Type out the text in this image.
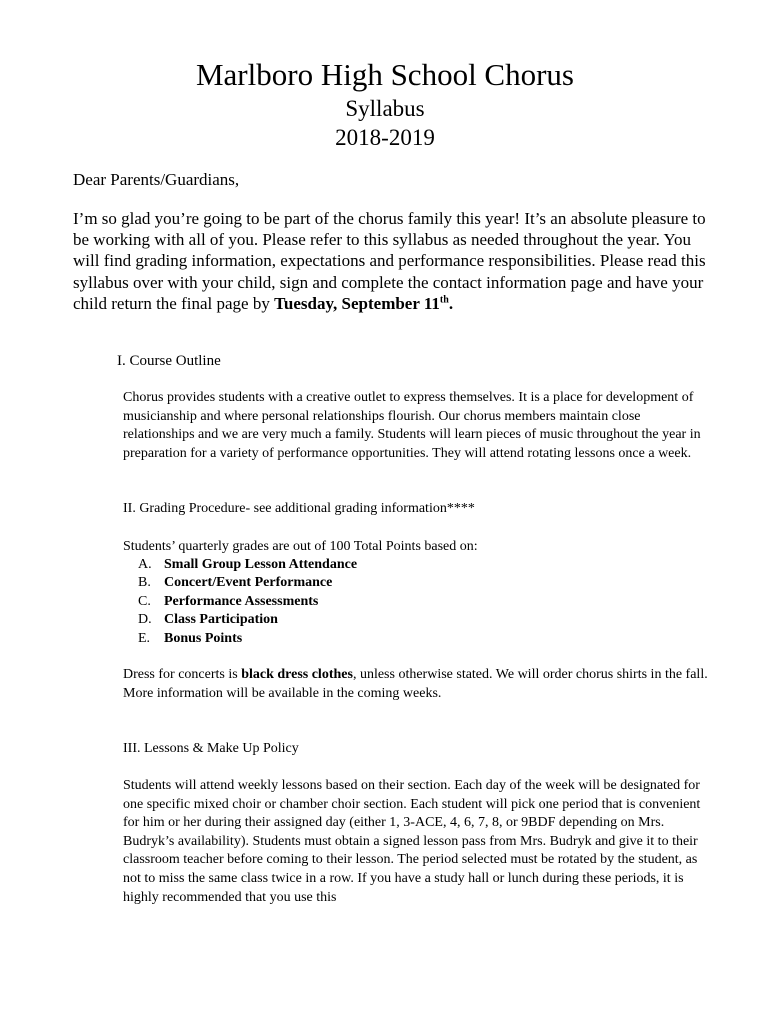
Marlboro High School Chorus
Syllabus
2018-2019
Dear Parents/Guardians,
I’m so glad you’re going to be part of the chorus family this year! It’s an absolute pleasure to be working with all of you. Please refer to this syllabus as needed throughout the year. You will find grading information, expectations and performance responsibilities. Please read this syllabus over with your child, sign and complete the contact information page and have your child return the final page by Tuesday, September 11th.
I. Course Outline
Chorus provides students with a creative outlet to express themselves. It is a place for development of musicianship and where personal relationships flourish. Our chorus members maintain close relationships and we are very much a family. Students will learn pieces of music throughout the year in preparation for a variety of performance opportunities. They will attend rotating lessons once a week.
II. Grading Procedure- see additional grading information****
Students’ quarterly grades are out of 100 Total Points based on:
A. Small Group Lesson Attendance
B. Concert/Event Performance
C. Performance Assessments
D. Class Participation
E. Bonus Points
Dress for concerts is black dress clothes, unless otherwise stated. We will order chorus shirts in the fall. More information will be available in the coming weeks.
III. Lessons & Make Up Policy
Students will attend weekly lessons based on their section. Each day of the week will be designated for one specific mixed choir or chamber choir section. Each student will pick one period that is convenient for him or her during their assigned day (either 1, 3-ACE, 4, 6, 7, 8, or 9BDF depending on Mrs. Budryk’s availability). Students must obtain a signed lesson pass from Mrs. Budryk and give it to their classroom teacher before coming to their lesson. The period selected must be rotated by the student, as not to miss the same class twice in a row. If you have a study hall or lunch during these periods, it is highly recommended that you use this
